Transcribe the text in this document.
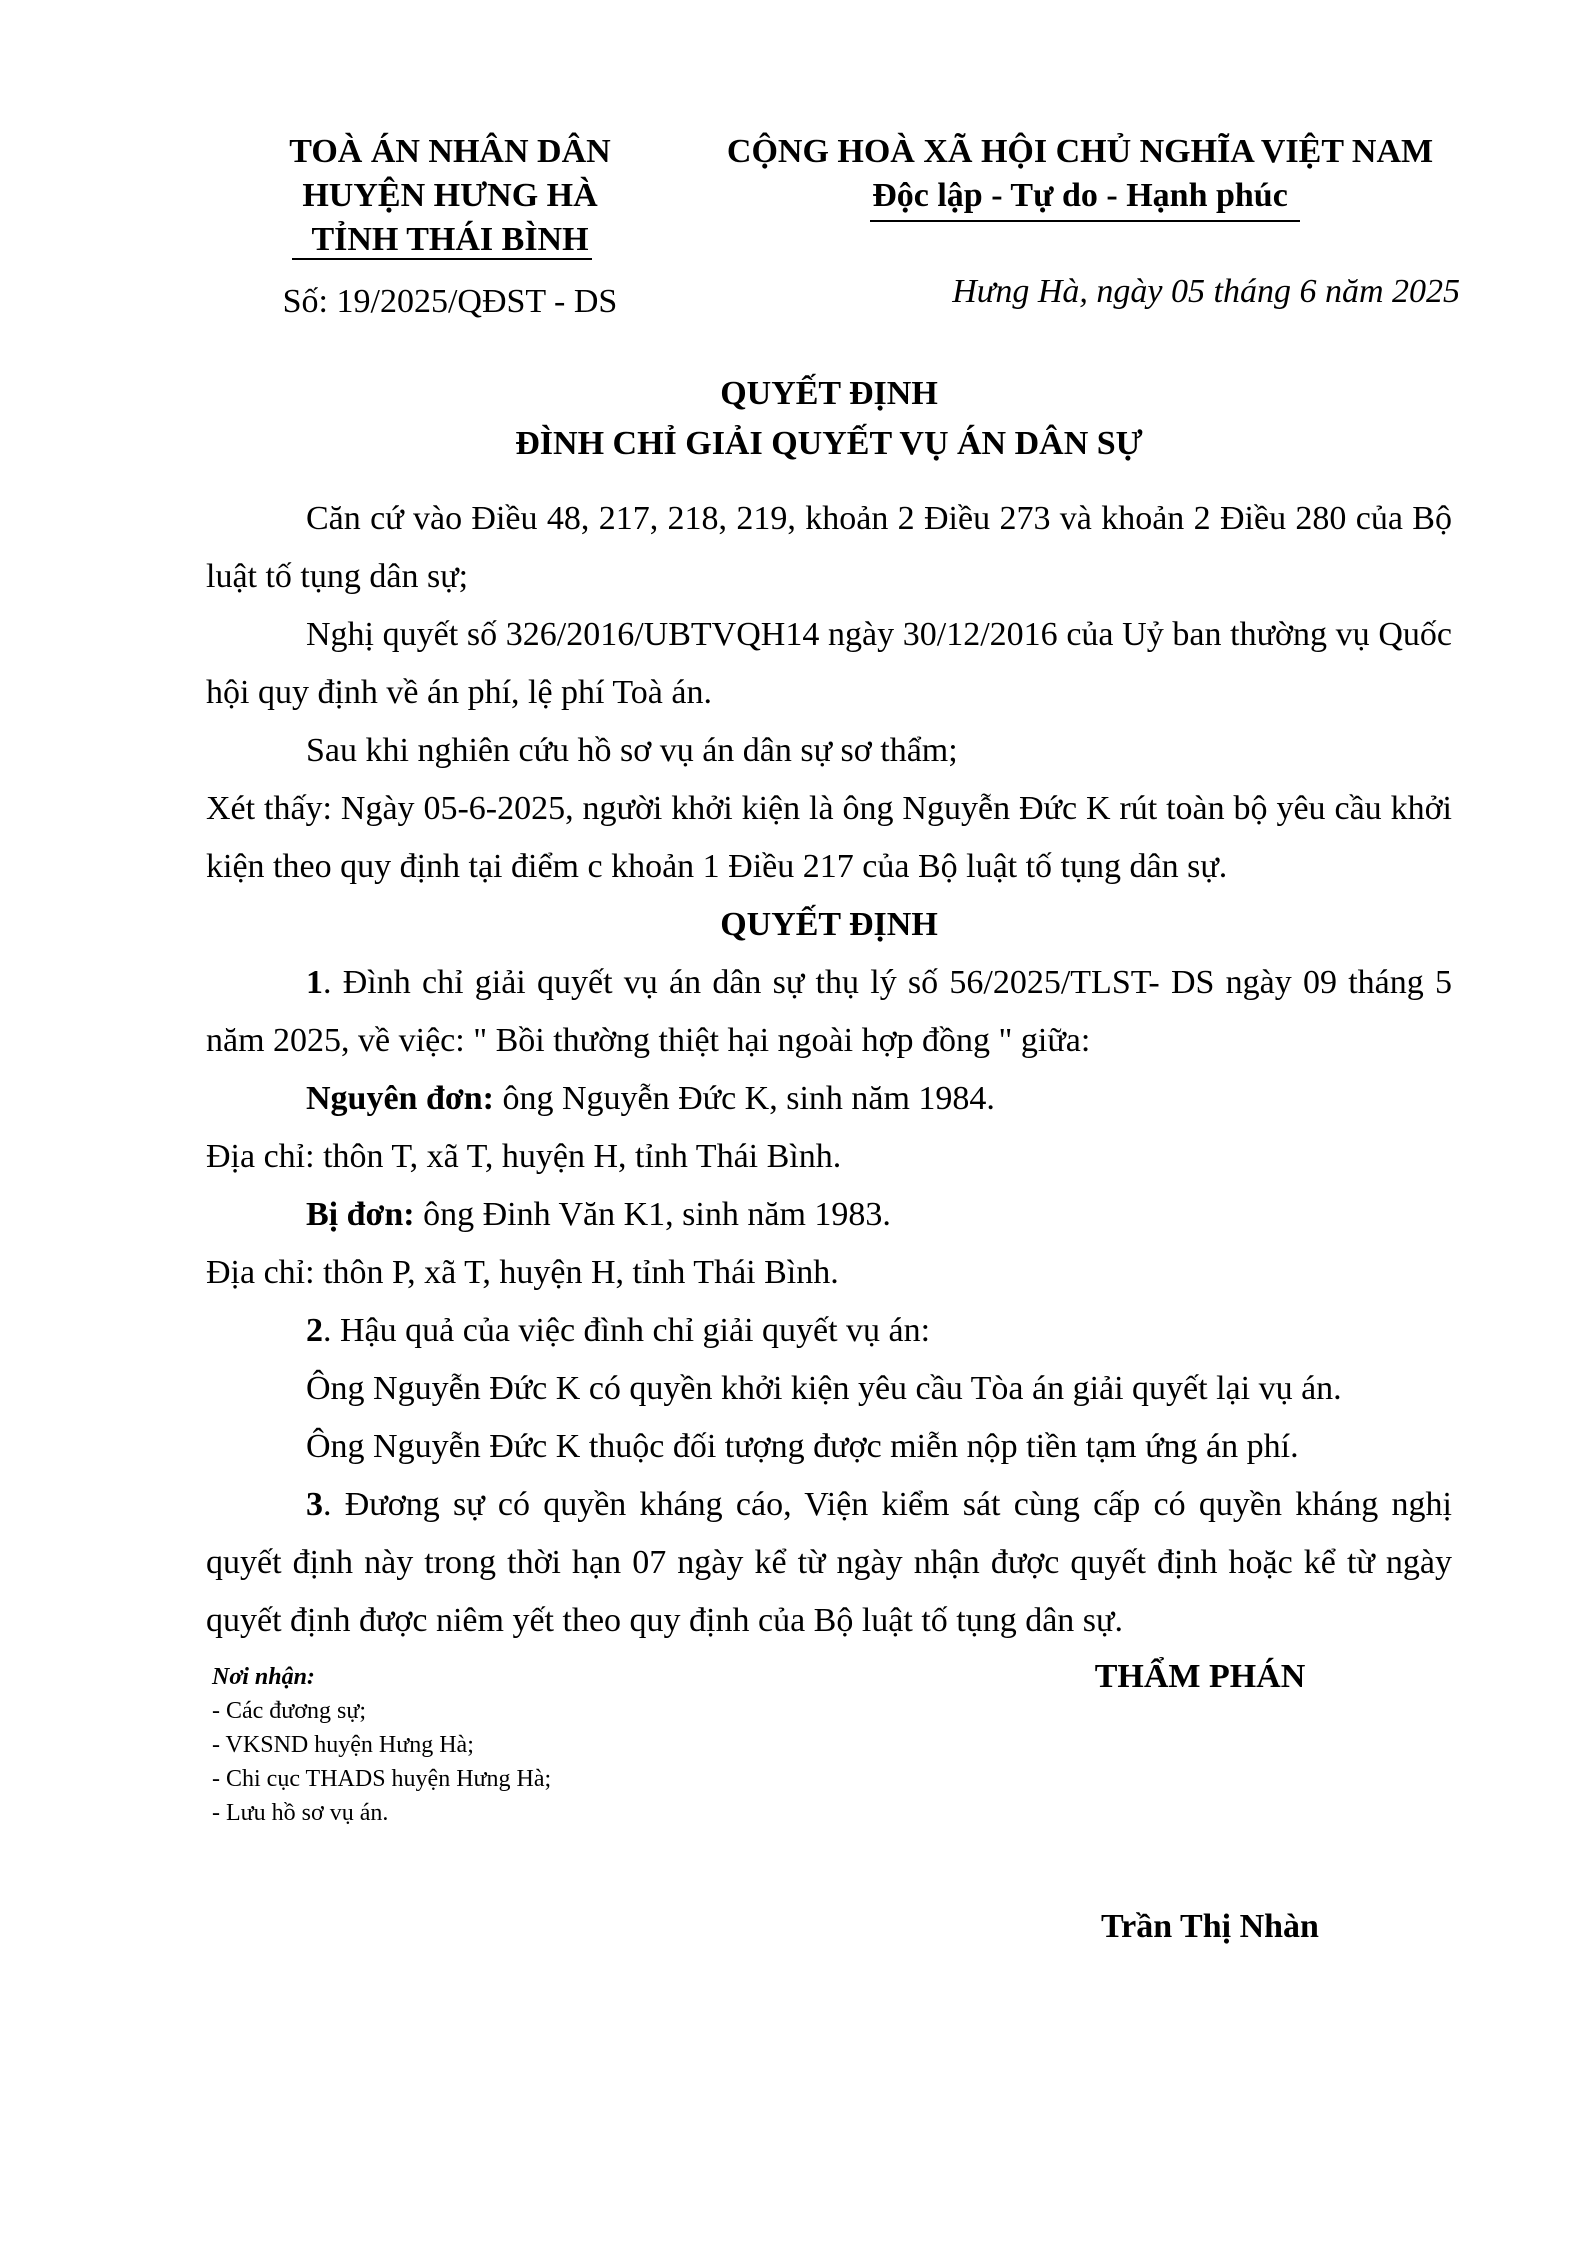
TOÀ ÁN NHÂN DÂN
HUYỆN HƯNG HÀ
TỈNH THÁI BÌNH
Số: 19/2025/QĐST - DS
CỘNG HOÀ XÃ HỘI CHỦ NGHĨA VIỆT NAM
Độc lập - Tự do - Hạnh phúc
Hưng Hà, ngày 05 tháng 6 năm 2025
QUYẾT ĐỊNH
ĐÌNH CHỈ GIẢI QUYẾT VỤ ÁN DÂN SỰ

Căn cứ vào Điều 48, 217, 218, 219, khoản 2 Điều 273 và khoản 2 Điều 280 của Bộ luật tố tụng dân sự;

Nghị quyết số 326/2016/UBTVQH14 ngày 30/12/2016 của Uỷ ban thường vụ Quốc hội quy định về án phí, lệ phí Toà án.

Sau khi nghiên cứu hồ sơ vụ án dân sự sơ thẩm;

Xét thấy: Ngày 05-6-2025, người khởi kiện là ông Nguyễn Đức K rút toàn bộ yêu cầu khởi kiện theo quy định tại điểm c khoản 1 Điều 217 của Bộ luật tố tụng dân sự.

QUYẾT ĐỊNH

1. Đình chỉ giải quyết vụ án dân sự thụ lý số 56/2025/TLST- DS ngày 09 tháng 5 năm 2025, về việc: " Bồi thường thiệt hại ngoài hợp đồng " giữa:

Nguyên đơn: ông Nguyễn Đức K, sinh năm 1984.

Địa chỉ: thôn T, xã T, huyện H, tỉnh Thái Bình.

Bị đơn: ông Đinh Văn K1, sinh năm 1983.

Địa chỉ: thôn P, xã T, huyện H, tỉnh Thái Bình.

2. Hậu quả của việc đình chỉ giải quyết vụ án:

Ông Nguyễn Đức K có quyền khởi kiện yêu cầu Tòa án giải quyết lại vụ án.

Ông Nguyễn Đức K thuộc đối tượng được miễn nộp tiền tạm ứng án phí.

3. Đương sự có quyền kháng cáo, Viện kiểm sát cùng cấp có quyền kháng nghị quyết định này trong thời hạn 07 ngày kể từ ngày nhận được quyết định hoặc kể từ ngày quyết định được niêm yết theo quy định của Bộ luật tố tụng dân sự.

Nơi nhận:
- Các đương sự;
- VKSND huyện Hưng Hà;
- Chi cục THADS huyện Hưng Hà;
- Lưu hồ sơ vụ án.
THẨM PHÁN
Trần Thị Nhàn
